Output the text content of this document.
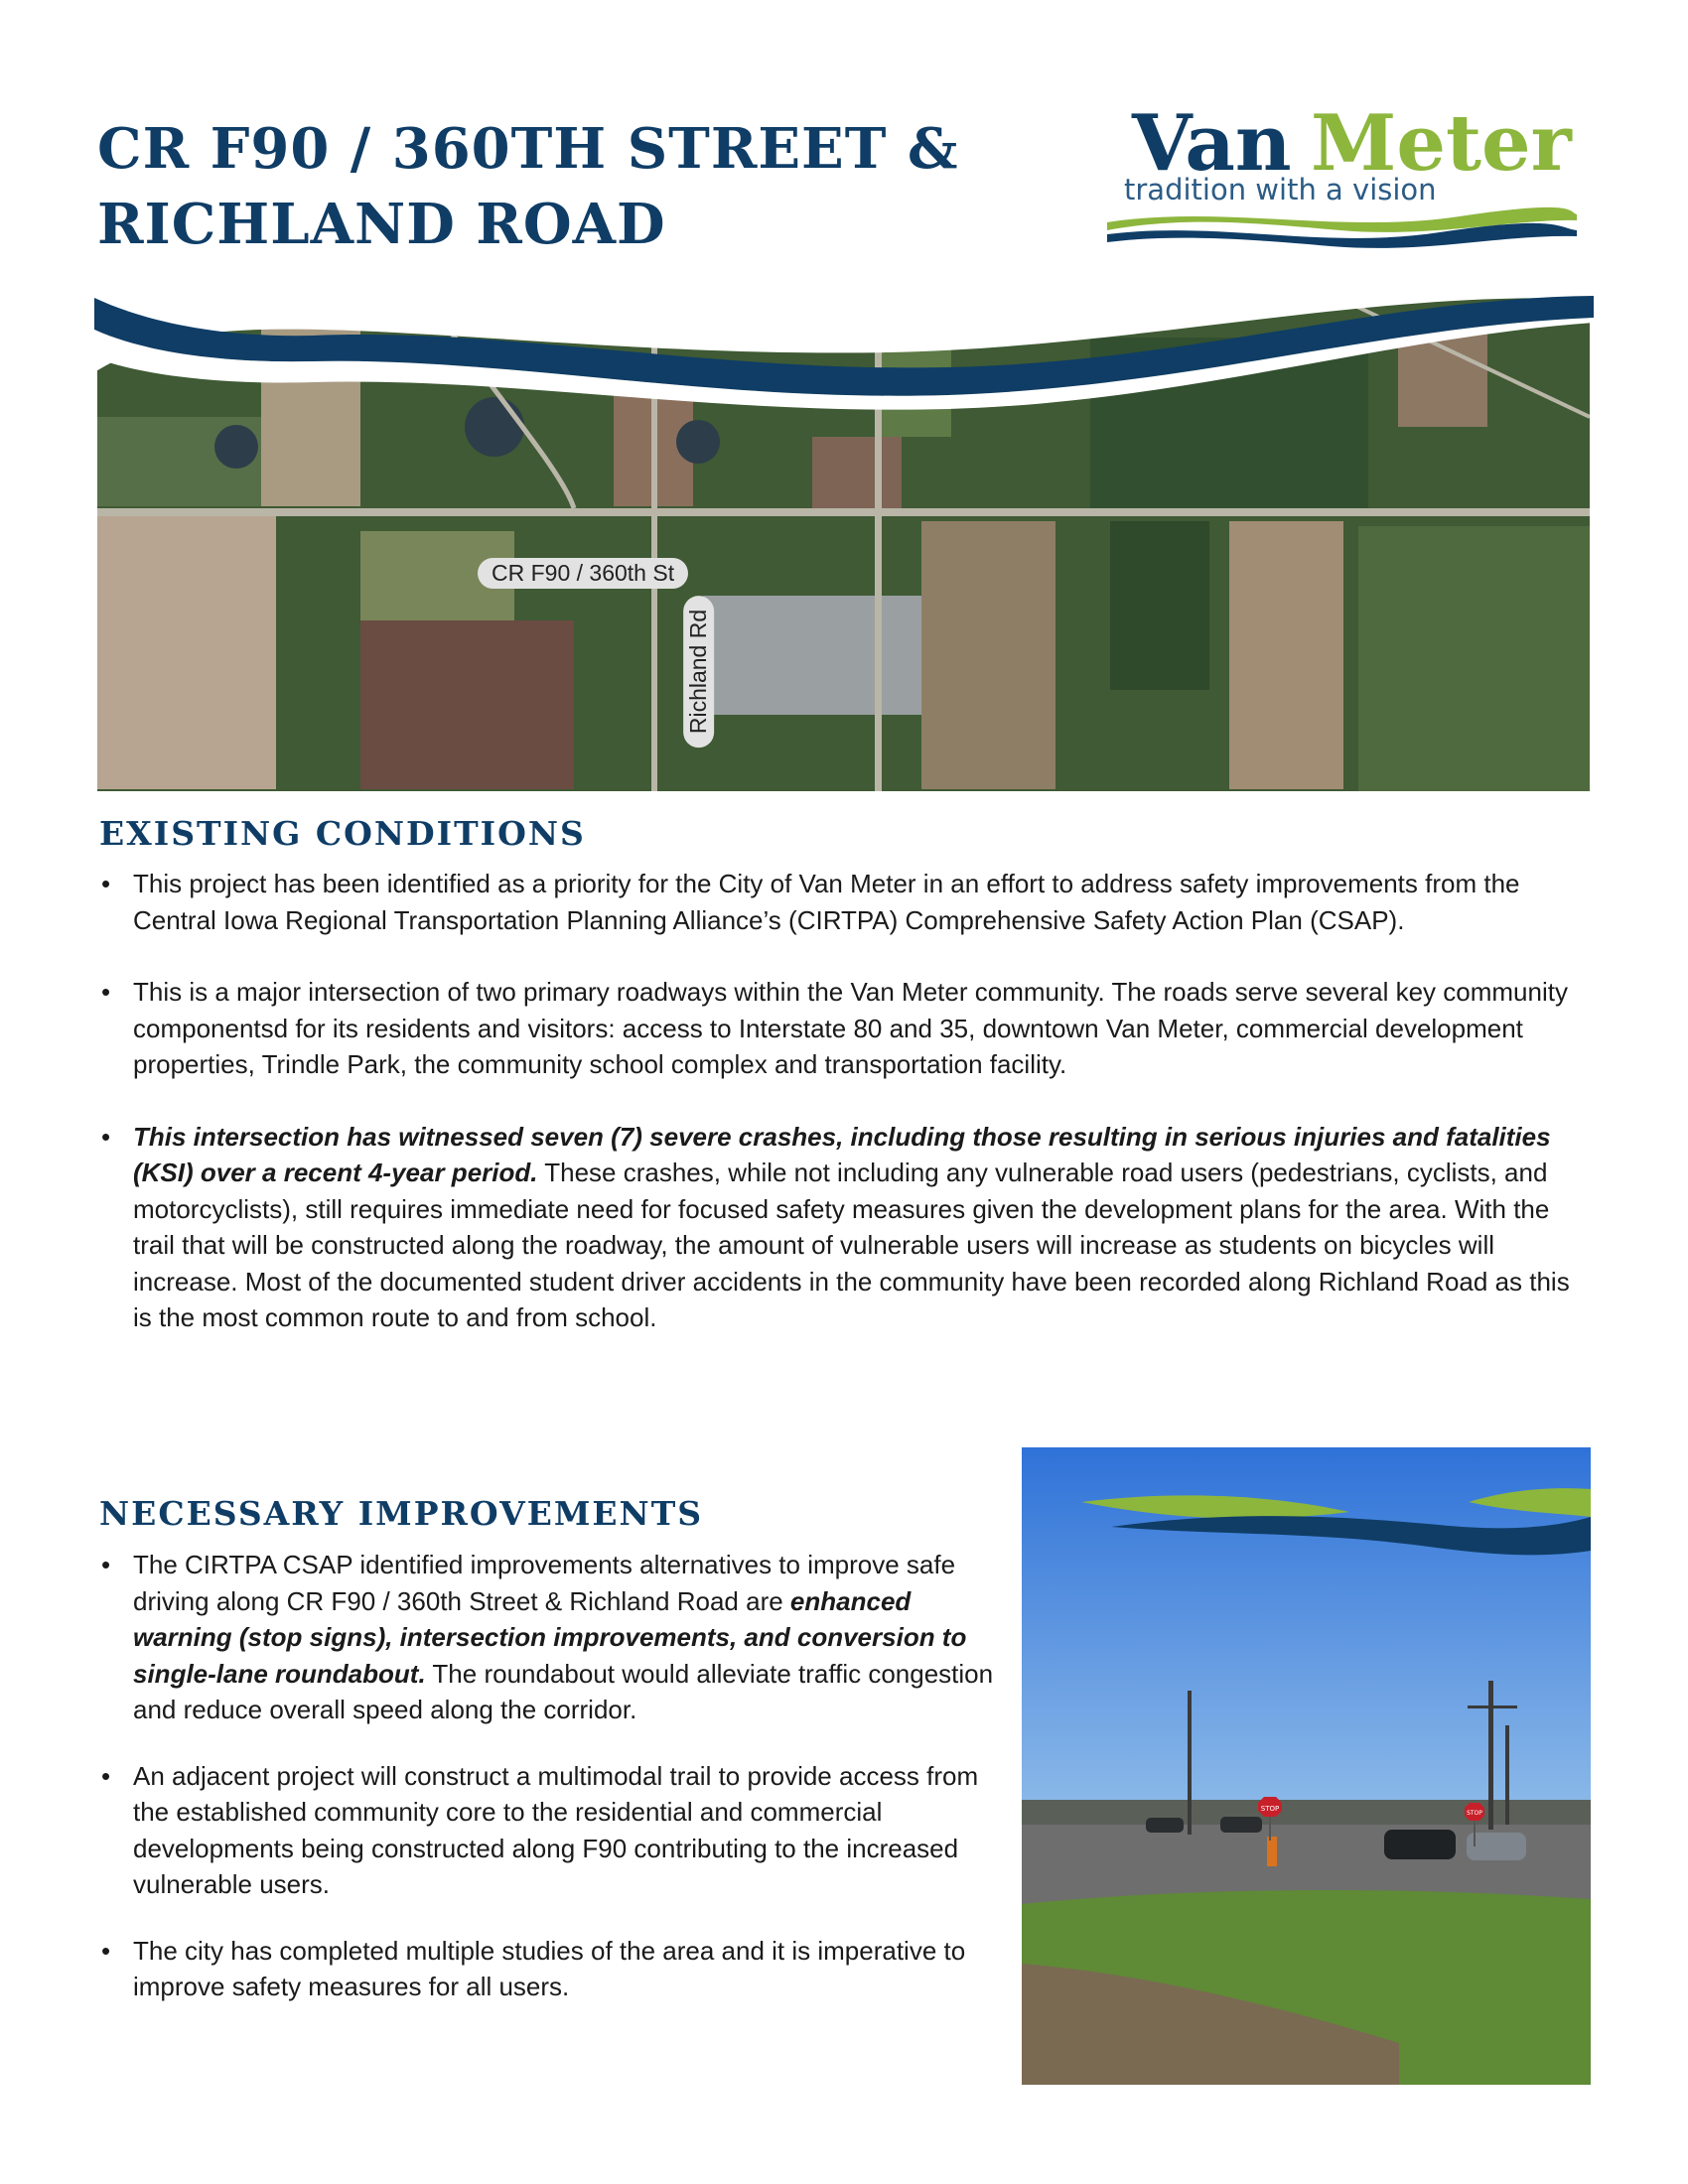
CR F90 / 360TH STREET &
RICHLAND ROAD
Van Meter
tradition with a vision
CR F90 / 360th St
Richland Rd
EXISTING CONDITIONS
• This project has been identified as a priority for the City of Van Meter in an effort to address safety improvements from the Central Iowa Regional Transportation Planning Alliance’s (CIRTPA) Comprehensive Safety Action Plan (CSAP).
• This is a major intersection of two primary roadways within the Van Meter community. The roads serve several key community componentsd for its residents and visitors: access to Interstate 80 and 35, downtown Van Meter, commercial development properties, Trindle Park, the community school complex and transportation facility.
• This intersection has witnessed seven (7) severe crashes, including those resulting in serious injuries and fatalities (KSI) over a recent 4-year period. These crashes, while not including any vulnerable road users (pedestrians, cyclists, and motorcyclists), still requires immediate need for focused safety measures given the development plans for the area. With the trail that will be constructed along the roadway, the amount of vulnerable users will increase as students on bicycles will increase. Most of the documented student driver accidents in the community have been recorded along Richland Road as this is the most common route to and from school.
NECESSARY IMPROVEMENTS
• The CIRTPA CSAP identified improvements alternatives to improve safe driving along CR F90 / 360th Street & Richland Road are enhanced warning (stop signs), intersection improvements, and conversion to single-lane roundabout. The roundabout would alleviate traffic congestion and reduce overall speed along the corridor.
• An adjacent project will construct a multimodal trail to provide access from the established community core to the residential and commercial developments being constructed along F90 contributing to the increased vulnerable users.
• The city has completed multiple studies of the area and it is imperative to improve safety measures for all users.
STOP
STOP
